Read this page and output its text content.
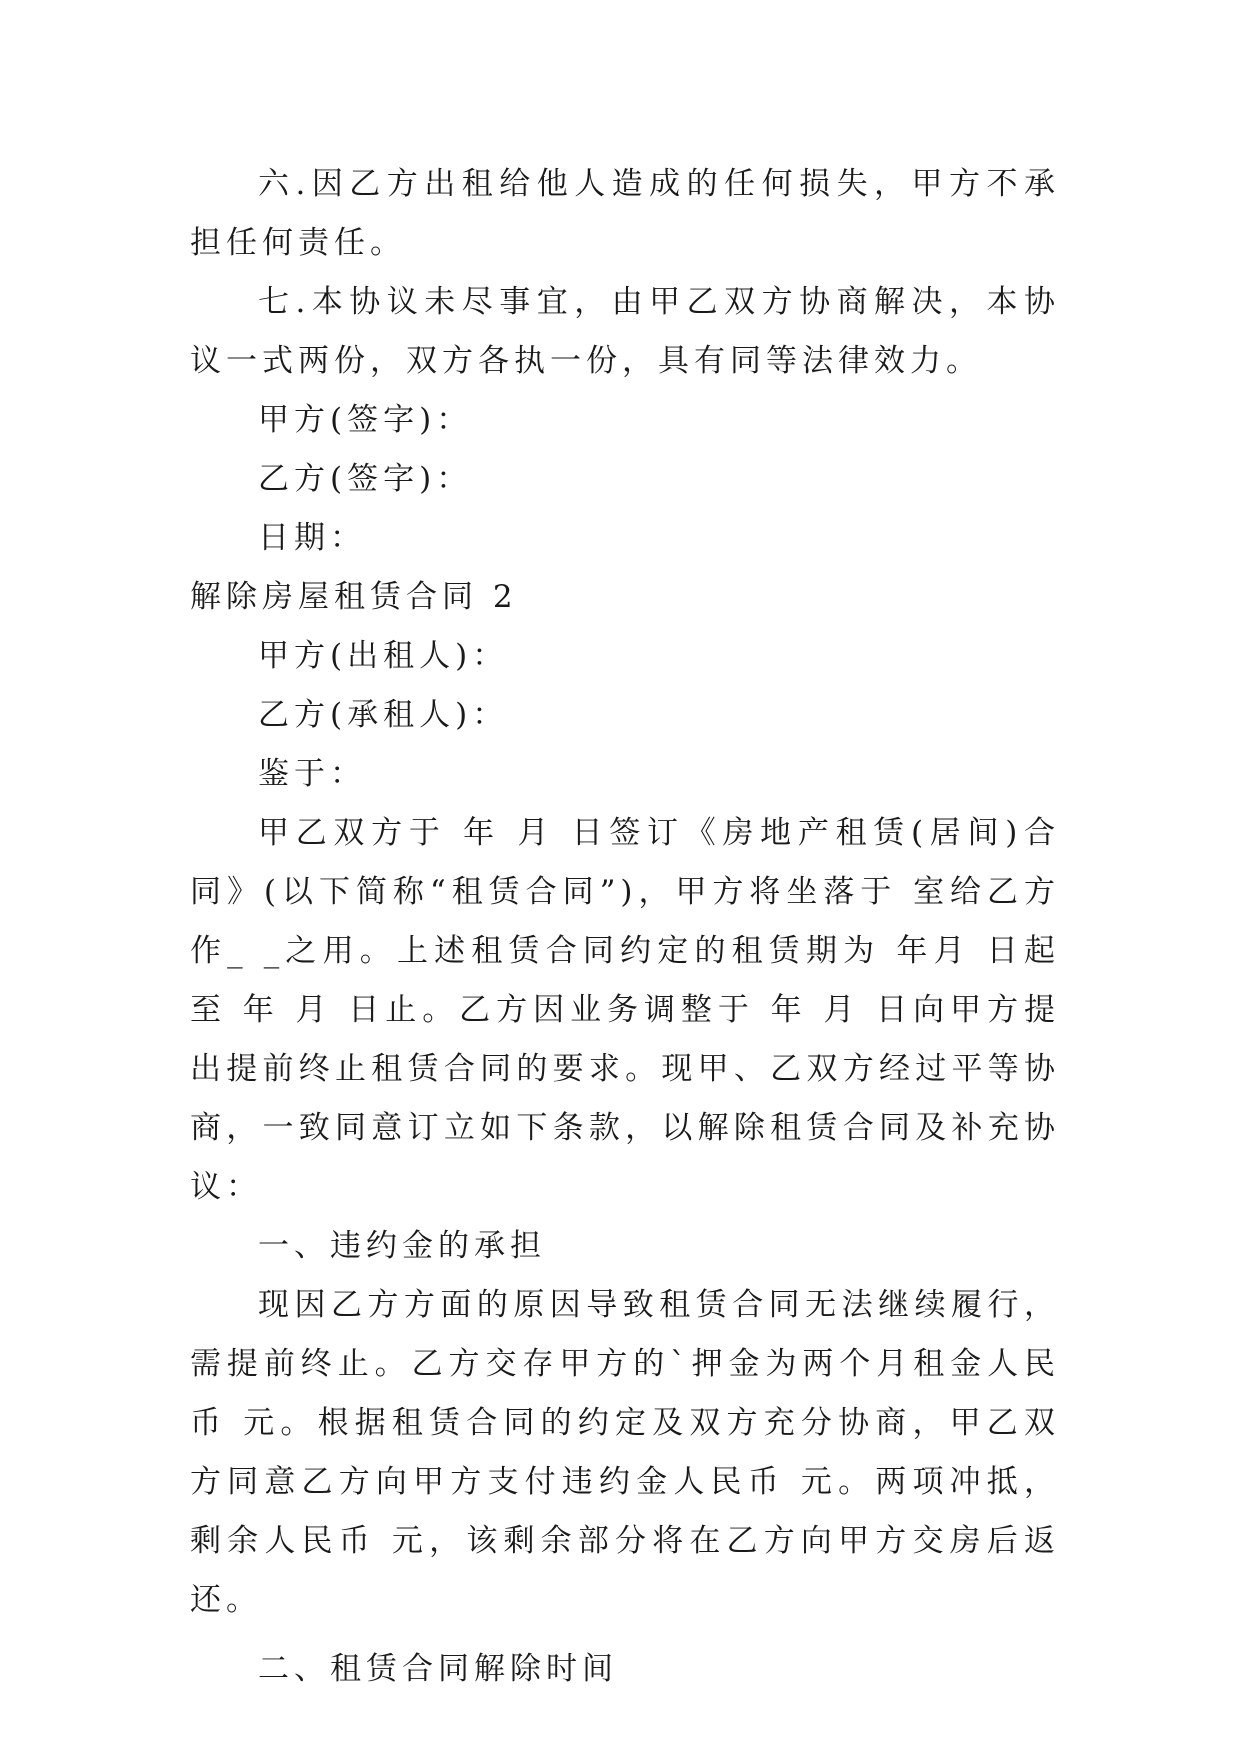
六.因乙方出租给他人造成的任何损失，甲方不承担任何责任。

七.本协议未尽事宜，由甲乙双方协商解决，本协议一式两份，双方各执一份，具有同等法律效力。

甲方(签字)：

乙方(签字)：

日期：

解除房屋租赁合同 2

甲方(出租人)：

乙方(承租人)：

鉴于：

甲乙双方于 年 月 日签订《房地产租赁(居间)合同》(以下简称“租赁合同”)，甲方将坐落于 室给乙方作_ _之用。上述租赁合同约定的租赁期为 年月 日起至 年 月 日止。乙方因业务调整于 年 月 日向甲方提出提前终止租赁合同的要求。现甲、乙双方经过平等协商，一致同意订立如下条款，以解除租赁合同及补充协议：

一、违约金的承担

现因乙方方面的原因导致租赁合同无法继续履行，需提前终止。乙方交存甲方的`押金为两个月租金人民币 元。根据租赁合同的约定及双方充分协商，甲乙双方同意乙方向甲方支付违约金人民币 元。两项冲抵，剩余人民币 元，该剩余部分将在乙方向甲方交房后返还。

二、租赁合同解除时间
